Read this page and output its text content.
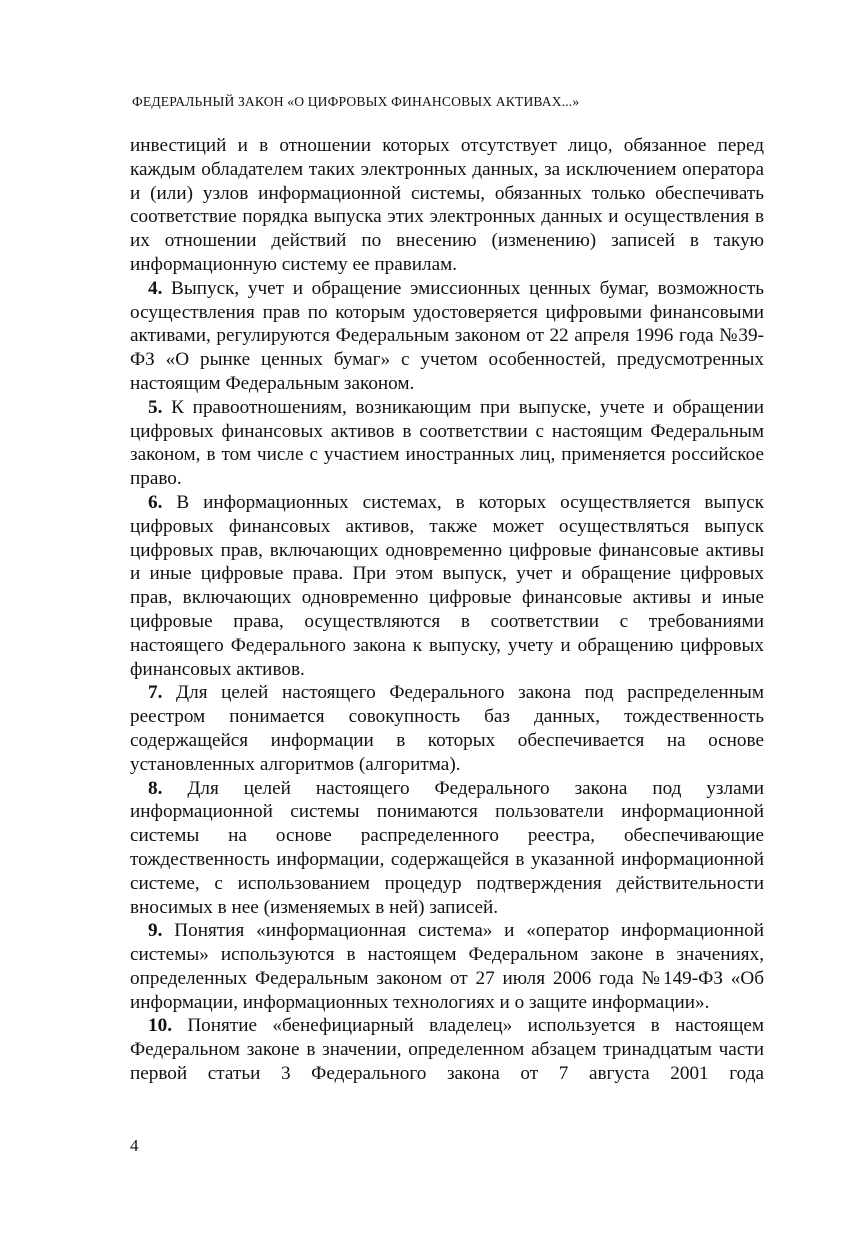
ФЕДЕРАЛЬНЫЙ ЗАКОН «О ЦИФРОВЫХ ФИНАНСОВЫХ АКТИВАХ...»

инвестиций и в отношении которых отсутствует лицо, обязанное перед каждым обладателем таких электронных данных, за исключением оператора и (или) узлов информационной системы, обязанных только обеспечивать соответствие порядка выпуска этих электронных данных и осуществления в их отношении действий по внесению (изменению) записей в такую информационную систему ее правилам.

4. Выпуск, учет и обращение эмиссионных ценных бумаг, возможность осуществления прав по которым удостоверяется цифровыми финансовыми активами, регулируются Федеральным законом от 22 апреля 1996 года №39-ФЗ «О рынке ценных бумаг» с учетом особенностей, предусмотренных настоящим Федеральным законом.

5. К правоотношениям, возникающим при выпуске, учете и обращении цифровых финансовых активов в соответствии с настоящим Федеральным законом, в том числе с участием иностранных лиц, применяется российское право.

6. В информационных системах, в которых осуществляется выпуск цифровых финансовых активов, также может осуществляться выпуск цифровых прав, включающих одновременно цифровые финансовые активы и иные цифровые права. При этом выпуск, учет и обращение цифровых прав, включающих одновременно цифровые финансовые активы и иные цифровые права, осуществляются в соответствии с требованиями настоящего Федерального закона к выпуску, учету и обращению цифровых финансовых активов.

7. Для целей настоящего Федерального закона под распределенным реестром понимается совокупность баз данных, тождественность содержащейся информации в которых обеспечивается на основе установленных алгоритмов (алгоритма).

8. Для целей настоящего Федерального закона под узлами информационной системы понимаются пользователи информационной системы на основе распределенного реестра, обеспечивающие тождественность информации, содержащейся в указанной информационной системе, с использованием процедур подтверждения действительности вносимых в нее (изменяемых в ней) записей.

9. Понятия «информационная система» и «оператор информационной системы» используются в настоящем Федеральном законе в значениях, определенных Федеральным законом от 27 июля 2006 года №149-ФЗ «Об информации, информационных технологиях и о защите информации».

10. Понятие «бенефициарный владелец» используется в настоящем Федеральном законе в значении, определенном абзацем тринадцатым части первой статьи 3 Федерального закона от 7 августа 2001 года

4
